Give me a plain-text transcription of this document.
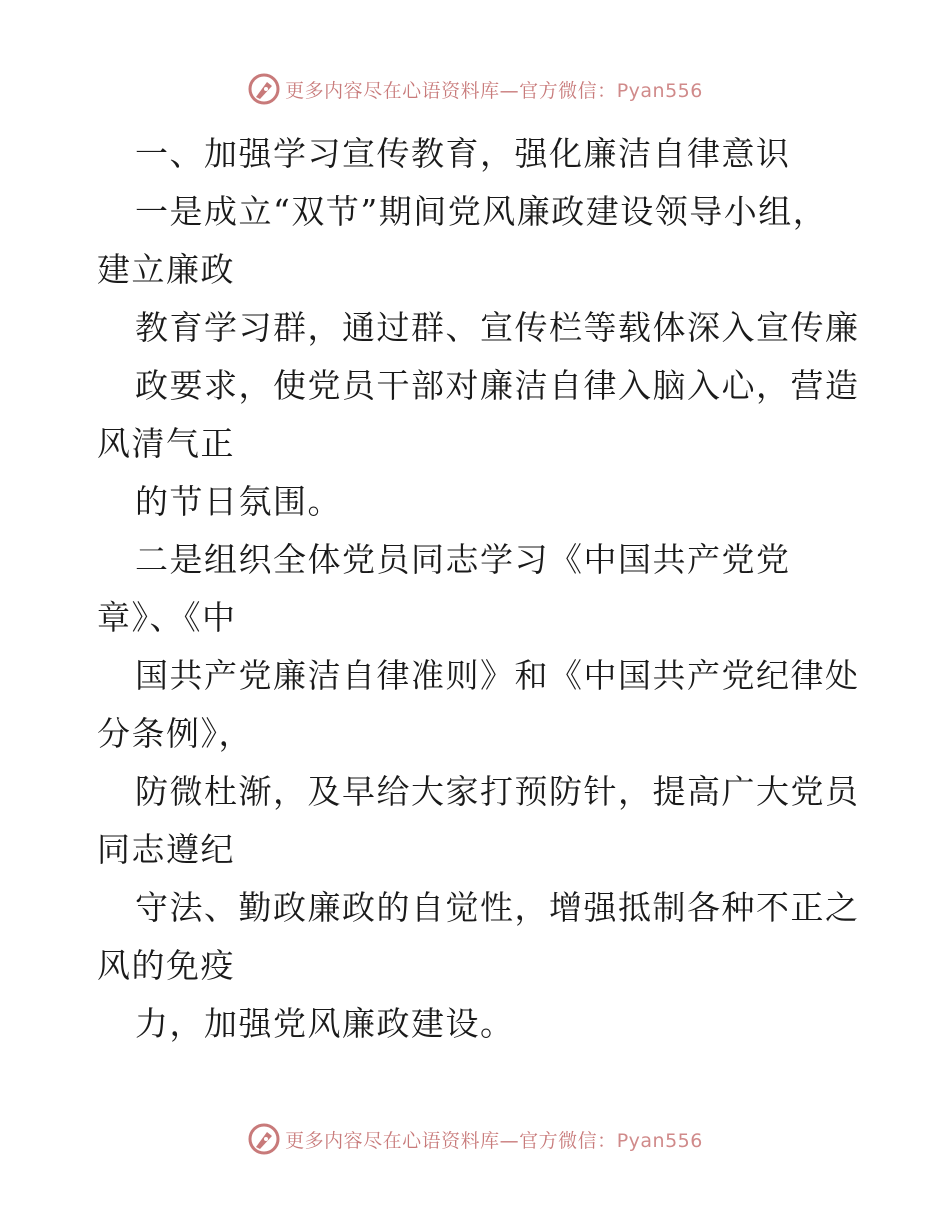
更多内容尽在心语资料库—官方微信：Pyan556
一、加强学习宣传教育，强化廉洁自律意识
一是成立“双节”期间党风廉政建设领导小组，
建立廉政
教育学习群，通过群、宣传栏等载体深入宣传廉
政要求，使党员干部对廉洁自律入脑入心，营造
风清气正
的节日氛围。
二是组织全体党员同志学习《中国共产党党
章》、《中
国共产党廉洁自律准则》和《中国共产党纪律处
分条例》，
防微杜渐，及早给大家打预防针，提高广大党员
同志遵纪
守法、勤政廉政的自觉性，增强抵制各种不正之
风的免疫
力，加强党风廉政建设。
更多内容尽在心语资料库—官方微信：Pyan556
